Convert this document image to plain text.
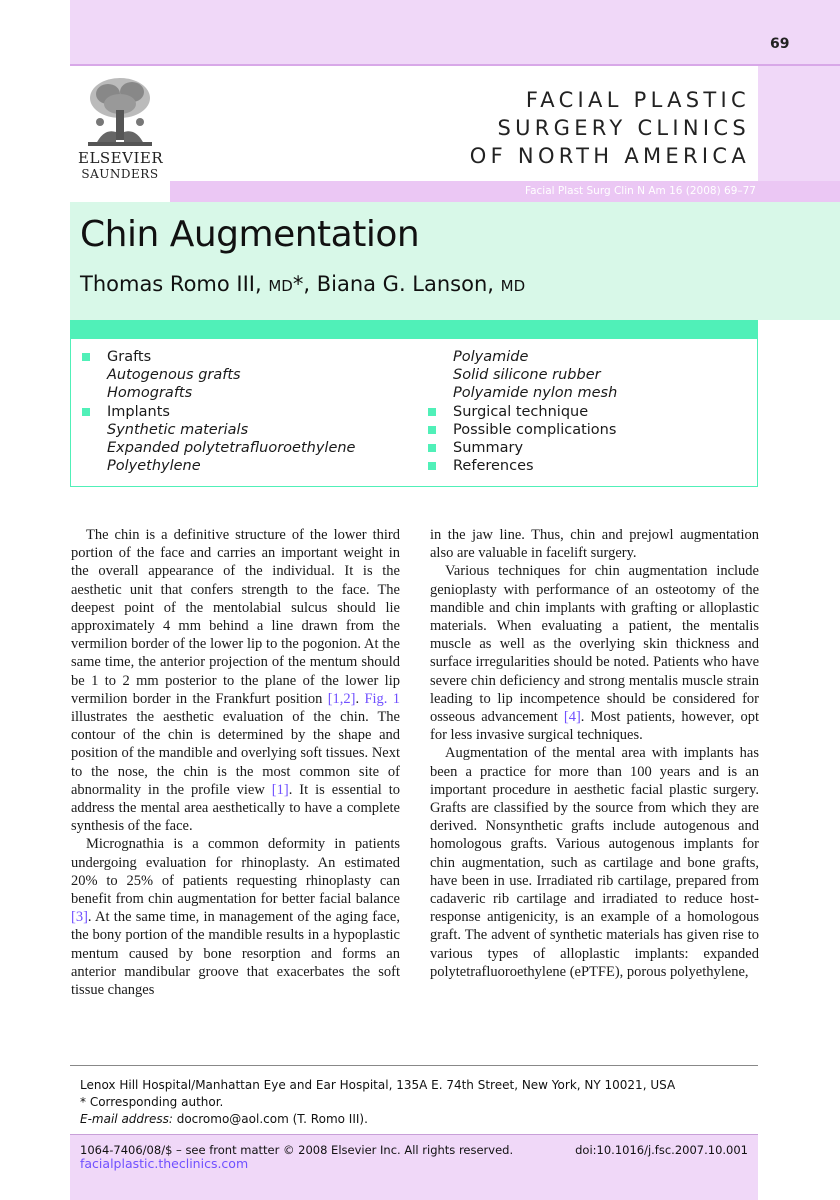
69
ELSEVIER
SAUNDERS
FACIAL PLASTIC
SURGERY CLINICS
OF NORTH AMERICA
Facial Plast Surg Clin N Am 16 (2008) 69–77
Chin Augmentation
Thomas Romo III, MD*, Biana G. Lanson, MD
Grafts
Autogenous grafts
Homografts
Implants
Synthetic materials
Expanded polytetrafluoroethylene
Polyethylene
Polyamide
Solid silicone rubber
Polyamide nylon mesh
Surgical technique
Possible complications
Summary
References

The chin is a definitive structure of the lower third portion of the face and carries an important weight in the overall appearance of the individual. It is the aesthetic unit that confers strength to the face. The deepest point of the mentolabial sulcus should lie approximately 4 mm behind a line drawn from the vermilion border of the lower lip to the pogonion. At the same time, the anterior projection of the mentum should be 1 to 2 mm posterior to the plane of the lower lip vermilion border in the Frankfurt position [1,2]. Fig. 1 illustrates the aesthetic evaluation of the chin. The contour of the chin is determined by the shape and position of the mandible and overlying soft tissues. Next to the nose, the chin is the most common site of abnormality in the profile view [1]. It is essential to address the mental area aesthetically to have a complete synthesis of the face.

Micrognathia is a common deformity in patients undergoing evaluation for rhinoplasty. An estimated 20% to 25% of patients requesting rhinoplasty can benefit from chin augmentation for better facial balance [3]. At the same time, in management of the aging face, the bony portion of the mandible results in a hypoplastic mentum caused by bone resorption and forms an anterior mandibular groove that exacerbates the soft tissue changes

in the jaw line. Thus, chin and prejowl augmentation also are valuable in facelift surgery.

Various techniques for chin augmentation include genioplasty with performance of an osteotomy of the mandible and chin implants with grafting or alloplastic materials. When evaluating a patient, the mentalis muscle as well as the overlying skin thickness and surface irregularities should be noted. Patients who have severe chin deficiency and strong mentalis muscle strain leading to lip incompetence should be considered for osseous advancement [4]. Most patients, however, opt for less invasive surgical techniques.

Augmentation of the mental area with implants has been a practice for more than 100 years and is an important procedure in aesthetic facial plastic surgery. Grafts are classified by the source from which they are derived. Nonsynthetic grafts include autogenous and homologous grafts. Various autogenous implants for chin augmentation, such as cartilage and bone grafts, have been in use. Irradiated rib cartilage, prepared from cadaveric rib cartilage and irradiated to reduce host-response antigenicity, is an example of a homologous graft. The advent of synthetic materials has given rise to various types of alloplastic implants: expanded polytetrafluoroethylene (ePTFE), porous polyethylene,

Lenox Hill Hospital/Manhattan Eye and Ear Hospital, 135A E. 74th Street, New York, NY 10021, USA
* Corresponding author.
E-mail address: docromo@aol.com (T. Romo III).
1064-7406/08/$ – see front matter © 2008 Elsevier Inc. All rights reserved.	doi:10.1016/j.fsc.2007.10.001
facialplastic.theclinics.com
